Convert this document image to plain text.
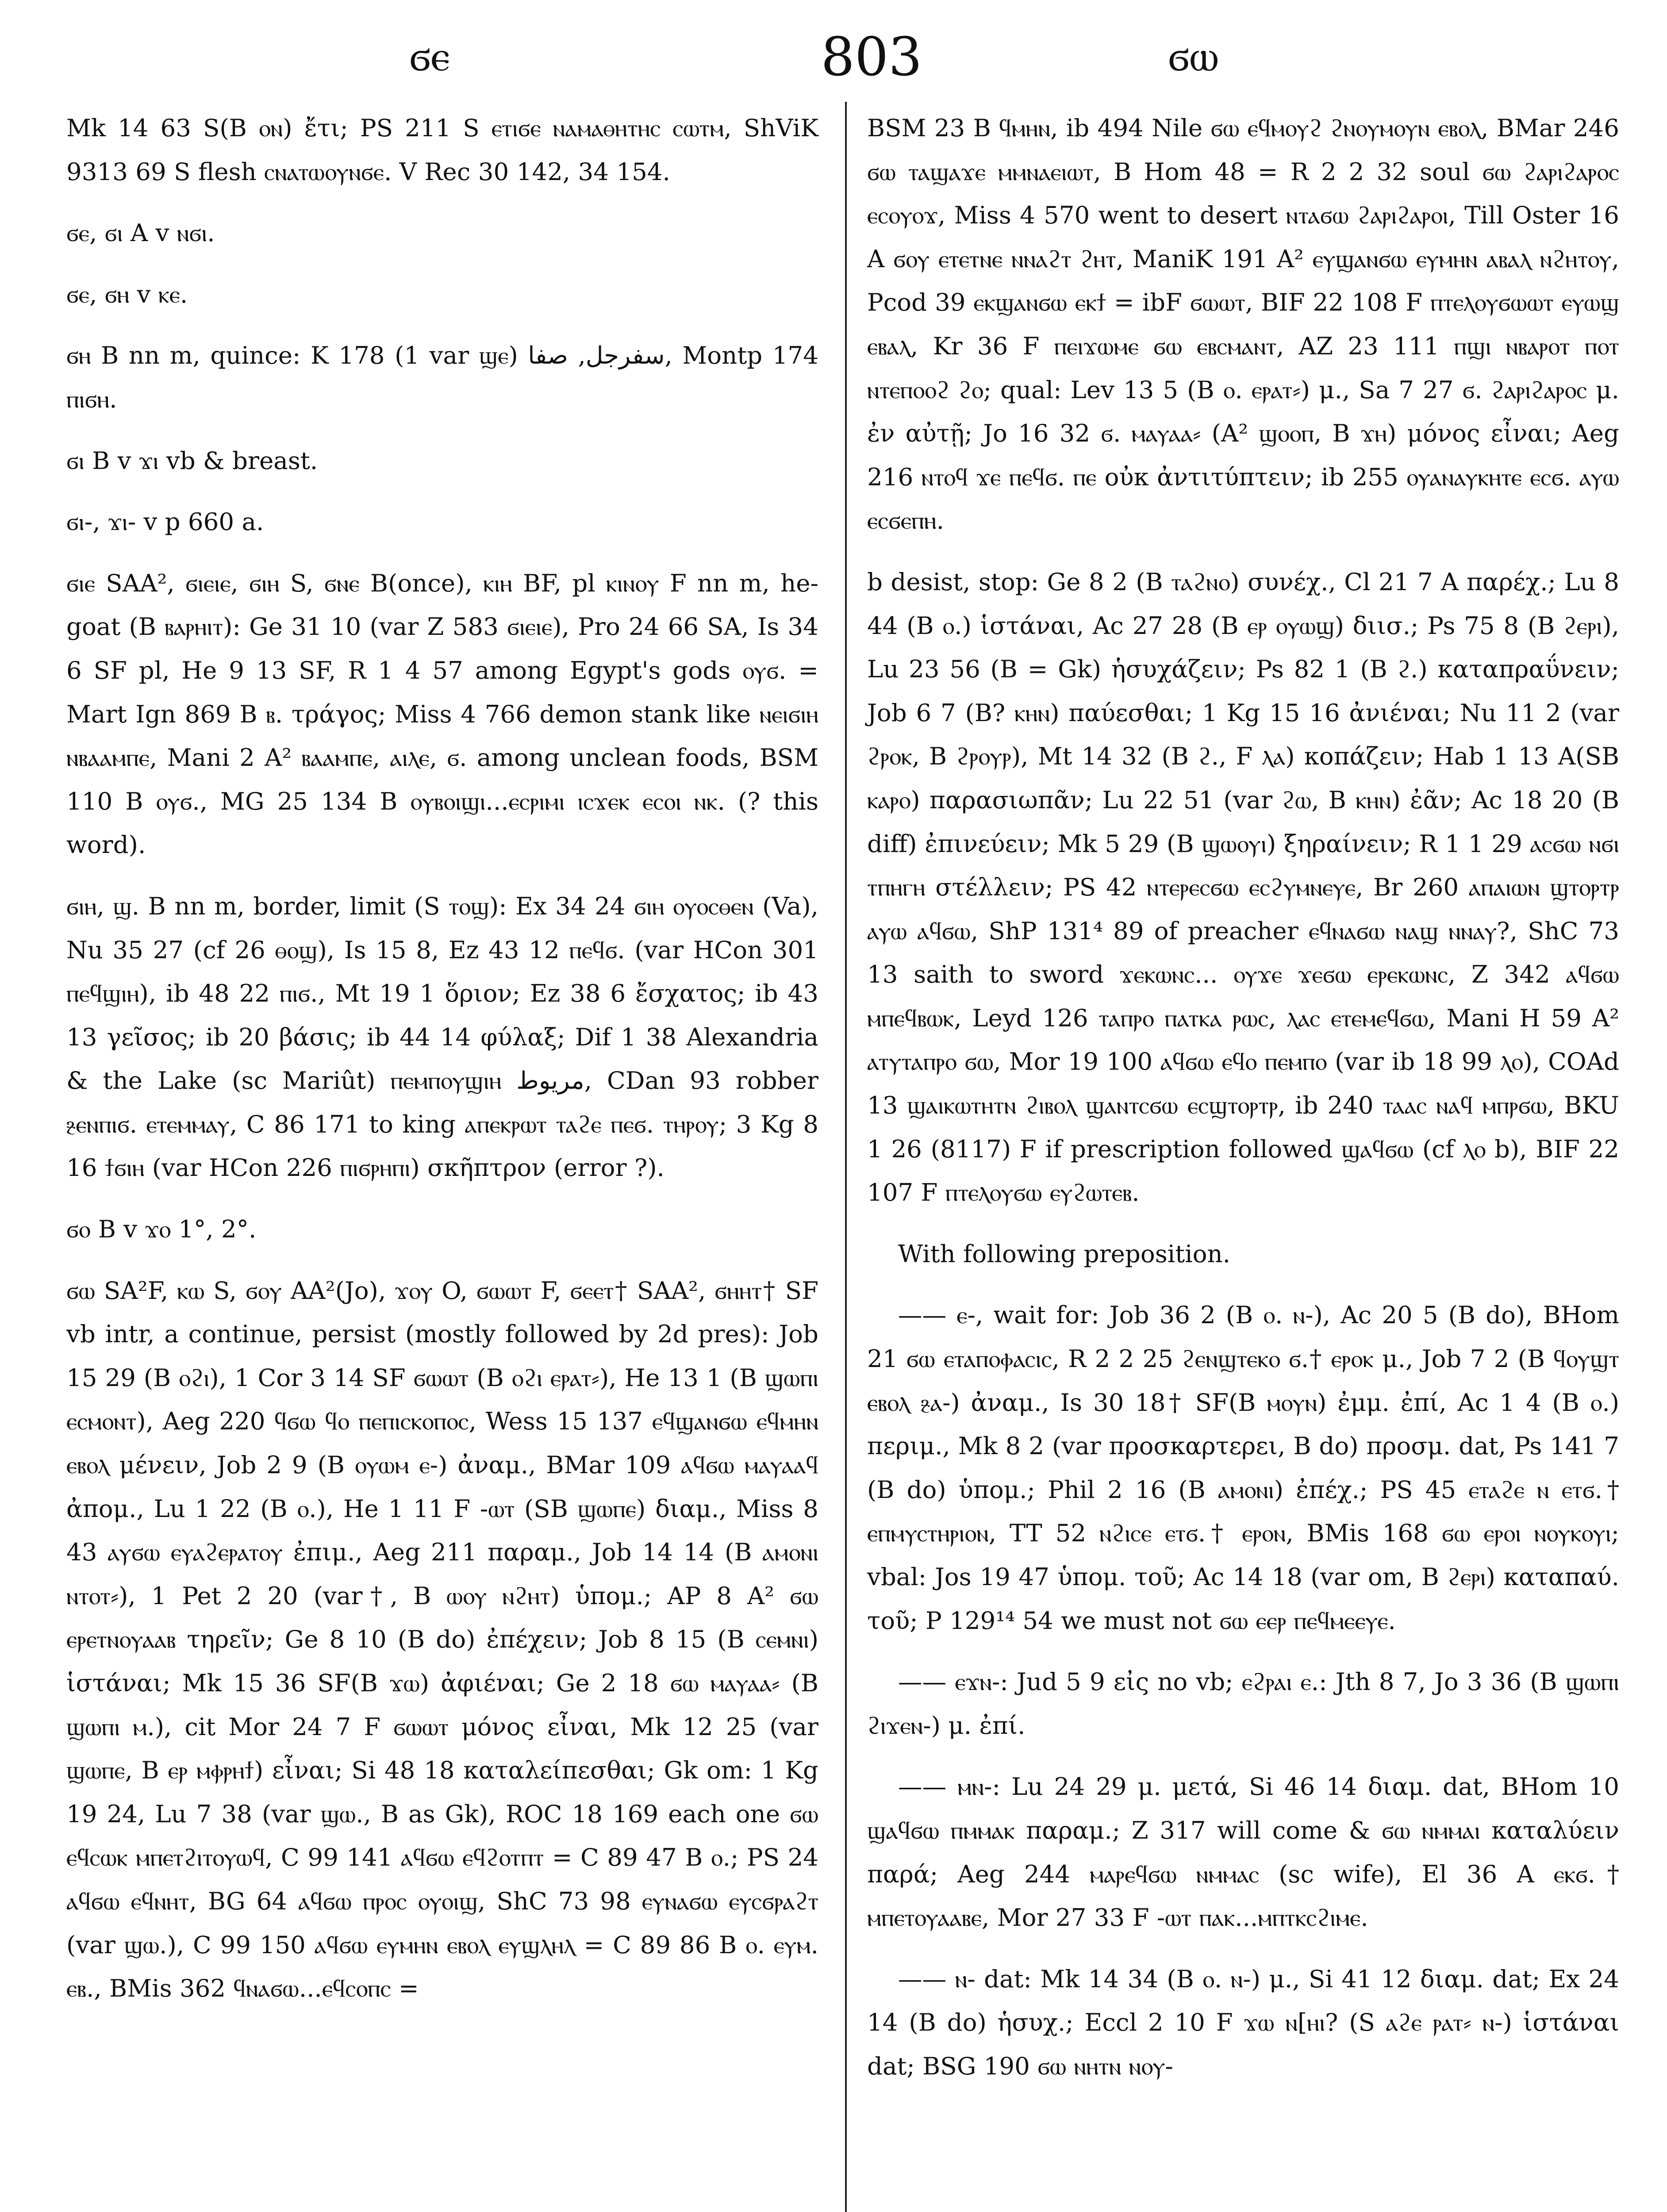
ϭⲉ	803	ϭⲱ

Mk 14 63 S(B ⲟⲛ) ἔτι; PS 211 S ⲉⲧⲓϭⲉ ⲛⲁⲙⲁⲑⲏⲧⲏⲥ ⲥⲱⲧⲙ, ShViK 9313 69 S flesh ⲥⲛⲁⲧⲱⲟⲩⲛϭⲉ. V Rec 30 142, 34 154.

ϭⲉ, ϭⲓ A v ⲛϭⲓ.

ϭⲉ, ϭⲏ v ⲕⲉ.

ϭⲏ B nn m, quince: K 178 (1 var ϣⲉ) سفرجل, صفا, Montp 174 ⲡⲓϭⲏ.

ϭⲓ B v ϫⲓ vb & breast.

ϭⲓ-, ϫⲓ- v p 660 a.

ϭⲓⲉ SAA², ϭⲓⲉⲓⲉ, ϭⲓⲏ S, ϭⲛⲉ B(once), ⲕⲓⲏ BF, pl ⲕⲓⲛⲟⲩ F nn m, he-goat (B ⲃⲁⲣⲏⲓⲧ): Ge 31 10 (var Z 583 ϭⲓⲉⲓⲉ), Pro 24 66 SA, Is 34 6 SF pl, He 9 13 SF, R 1 4 57 among Egypt's gods ⲟⲩϭ. = Mart Ign 869 B ⲃ. τράγος; Miss 4 766 demon stank like ⲛⲉⲓϭⲓⲏ ⲛⲃⲁⲁⲙⲡⲉ, Mani 2 A² ⲃⲁⲁⲙⲡⲉ, ⲁⲓⲗⲉ, ϭ. among unclean foods, BSM 110 B ⲟⲩϭ., MG 25 134 B ⲟⲩⲃⲟⲓϣⲓ...ⲉⲥⲣⲓⲙⲓ ⲓⲥϫⲉⲕ ⲉⲥⲟⲓ ⲛⲕ. (? this word).

ϭⲓⲏ, ϣ. B nn m, border, limit (S ⲧⲟϣ): Ex 34 24 ϭⲓⲏ ⲟⲩⲟⲥⲑⲉⲛ (Va), Nu 35 27 (cf 26 ⲑⲟϣ), Is 15 8, Ez 43 12 ⲡⲉϥϭ. (var HCon 301 ⲡⲉϥϣⲓⲏ), ib 48 22 ⲡⲓϭ., Mt 19 1 ὅριον; Ez 38 6 ἔσχατος; ib 43 13 γεῖσος; ib 20 βάσις; ib 44 14 φύλαξ; Dif 1 38 Alexandria & the Lake (sc Mariût) ⲡⲉⲙⲡⲟⲩϣⲓⲏ مريوط, CDan 93 robber ⳉⲉⲛⲡⲓϭ. ⲉⲧⲉⲙⲙⲁⲩ, C 86 171 to king ⲁⲡⲉⲕⲣⲱⲧ ⲧⲁϩⲉ ⲡⲉϭ. ⲧⲏⲣⲟⲩ; 3 Kg 8 16 ϯϭⲓⲏ (var HCon 226 ⲡⲓϭⲣⲏⲡⲓ) σκῆπτρον (error ?).

ϭⲟ B v ϫⲟ 1°, 2°.

ϭⲱ SA²F, ⲕⲱ S, ϭⲟⲩ AA²(Jo), ϫⲟⲩ O, ϭⲱⲱⲧ F, ϭⲉⲉⲧ† SAA², ϭⲏⲏⲧ† SF vb intr, a continue, persist (mostly followed by 2d pres): Job 15 29 (B ⲟϩⲓ), 1 Cor 3 14 SF ϭⲱⲱⲧ (B ⲟϩⲓ ⲉⲣⲁⲧ⸗), He 13 1 (B ϣⲱⲡⲓ ⲉⲥⲙⲟⲛⲧ), Aeg 220 ϥϭⲱ ϥⲟ ⲡⲉⲡⲓⲥⲕⲟⲡⲟⲥ, Wess 15 137 ⲉϥϣⲁⲛϭⲱ ⲉϥⲙⲏⲛ ⲉⲃⲟⲗ μένειν, Job 2 9 (B ⲟⲩⲱⲙ ⲉ-) ἀναμ., BMar 109 ⲁϥϭⲱ ⲙⲁⲩⲁⲁϥ ἀπομ., Lu 1 22 (B ⲟ.), He 1 11 F -ⲱⲧ (SB ϣⲱⲡⲉ) διαμ., Miss 8 43 ⲁⲩϭⲱ ⲉⲩⲁϩⲉⲣⲁⲧⲟⲩ ἐπιμ., Aeg 211 παραμ., Job 14 14 (B ⲁⲙⲟⲛⲓ ⲛⲧⲟⲧ⸗), 1 Pet 2 20 (var†, B ⲱⲟⲩ ⲛϩⲏⲧ) ὑπομ.; AP 8 A² ϭⲱ ⲉⲣⲉⲧⲛⲟⲩⲁⲁⲃ τηρεῖν; Ge 8 10 (B do) ἐπέχειν; Job 8 15 (B ⲥⲉⲙⲛⲓ) ἱστάναι; Mk 15 36 SF(B ϫⲱ) ἀφιέναι; Ge 2 18 ϭⲱ ⲙⲁⲩⲁⲁ⸗ (B ϣⲱⲡⲓ ⲙ.), cit Mor 24 7 F ϭⲱⲱⲧ μόνος εἶναι, Mk 12 25 (var ϣⲱⲡⲉ, B ⲉⲣ ⲙⲫⲣⲏϯ) εἶναι; Si 48 18 καταλείπεσθαι; Gk om: 1 Kg 19 24, Lu 7 38 (var ϣⲱ., B as Gk), ROC 18 169 each one ϭⲱ ⲉϥⲥⲱⲕ ⲙⲡⲉⲧϩⲓⲧⲟⲩⲱϥ, C 99 141 ⲁϥϭⲱ ⲉϥϩⲟⲧⲡⲧ = C 89 47 B ⲟ.; PS 24 ⲁϥϭⲱ ⲉϥⲛⲏⲧ, BG 64 ⲁϥϭⲱ ⲡⲣⲟⲥ ⲟⲩⲟⲓϣ, ShC 73 98 ⲉⲩⲛⲁϭⲱ ⲉⲩⲥϭⲣⲁϩⲧ (var ϣⲱ.), C 99 150 ⲁϥϭⲱ ⲉⲩⲙⲏⲛ ⲉⲃⲟⲗ ⲉⲩϣⲗⲏⲗ = C 89 86 B ⲟ. ⲉⲩⲙ. ⲉⲃ., BMis 362 ϥⲛⲁϭⲱ...ⲉϥⲥⲟⲡⲥ =

BSM 23 B ϥⲙⲏⲛ, ib 494 Nile ϭⲱ ⲉϥⲙⲟⲩϩ ϩⲛⲟⲩⲙⲟⲩⲛ ⲉⲃⲟⲗ, BMar 246 ϭⲱ ⲧⲁϣⲁϫⲉ ⲙⲙⲛⲁⲉⲓⲱⲧ, B Hom 48 = R 2 2 32 soul ϭⲱ ϩⲁⲣⲓϩⲁⲣⲟⲥ ⲉⲥⲟⲩⲟϫ, Miss 4 570 went to desert ⲛⲧⲁϭⲱ ϩⲁⲣⲓϩⲁⲣⲟⲓ, Till Oster 16 A ϭⲟⲩ ⲉⲧⲉⲧⲛⲉ ⲛⲛⲁϩⲧ ϩⲏⲧ, ManiK 191 A² ⲉⲩϣⲁⲛϭⲱ ⲉⲩⲙⲏⲛ ⲁⲃⲁⲗ ⲛϩⲏⲧⲟⲩ, Pcod 39 ⲉⲕϣⲁⲛϭⲱ ⲉⲕϯ = ibF ϭⲱⲱⲧ, BIF 22 108 F ⲡⲧⲉⲗⲟⲩϭⲱⲱⲧ ⲉⲩⲱϣ ⲉⲃⲁⲗ, Kr 36 F ⲡⲉⲓϫⲱⲙⲉ ϭⲱ ⲉⲃⲥⲙⲁⲛⲧ, AZ 23 111 ⲡϣⲓ ⲛⲃⲁⲣⲟⲧ ⲡⲟⲧ ⲛⲧⲉⲡⲟⲟϩ ϩⲟ; qual: Lev 13 5 (B ⲟ. ⲉⲣⲁⲧ⸗) μ., Sa 7 27 ϭ. ϩⲁⲣⲓϩⲁⲣⲟⲥ μ. ἐν αὐτῇ; Jo 16 32 ϭ. ⲙⲁⲩⲁⲁ⸗ (A² ϣⲟⲟⲡ, B ϫⲏ) μόνος εἶναι; Aeg 216 ⲛⲧⲟϥ ϫⲉ ⲡⲉϥϭ. ⲡⲉ οὐκ ἀντιτύπτειν; ib 255 ⲟⲩⲁⲛⲁⲩⲕⲏⲧⲉ ⲉⲥϭ. ⲁⲩⲱ ⲉⲥϭⲉⲡⲏ.

b desist, stop: Ge 8 2 (B ⲧⲁϩⲛⲟ) συνέχ., Cl 21 7 A παρέχ.; Lu 8 44 (B ⲟ.) ἱστάναι, Ac 27 28 (B ⲉⲣ ⲟⲩⲱϣ) διισ.; Ps 75 8 (B ϩⲉⲣⲓ), Lu 23 56 (B = Gk) ἡσυχάζειν; Ps 82 1 (B ϩ.) καταπραΰνειν; Job 6 7 (B? ⲕⲏⲛ) παύεσθαι; 1 Kg 15 16 ἀνιέναι; Nu 11 2 (var ϩⲣⲟⲕ, B ϩⲣⲟⲩⲣ), Mt 14 32 (B ϩ., F ⲗⲁ) κοπάζειν; Hab 1 13 A(SB ⲕⲁⲣⲟ) παρασιωπᾶν; Lu 22 51 (var ϩⲱ, B ⲕⲏⲛ) ἐᾶν; Ac 18 20 (B diff) ἐπινεύειν; Mk 5 29 (B ϣⲱⲟⲩⲓ) ξηραίνειν; R 1 1 29 ⲁⲥϭⲱ ⲛϭⲓ ⲧⲡⲏⲅⲏ στέλλειν; PS 42 ⲛⲧⲉⲣⲉⲥϭⲱ ⲉⲥϩⲩⲙⲛⲉⲩⲉ, Br 260 ⲁⲡⲁⲓⲱⲛ ϣⲧⲟⲣⲧⲣ ⲁⲩⲱ ⲁϥϭⲱ, ShP 131⁴ 89 of preacher ⲉϥⲛⲁϭⲱ ⲛⲁϣ ⲛⲛⲁⲩ?, ShC 73 13 saith to sword ϫⲉⲕⲱⲛⲥ... ⲟⲩϫⲉ ϫⲉϭⲱ ⲉⲣⲉⲕⲱⲛⲥ, Z 342 ⲁϥϭⲱ ⲙⲡⲉϥⲃⲱⲕ, Leyd 126 ⲧⲁⲡⲣⲟ ⲡⲁⲧⲕⲁ ⲣⲱⲥ, ⲗⲁⲥ ⲉⲧⲉⲙⲉϥϭⲱ, Mani H 59 A² ⲁⲧⲩⲧⲁⲡⲣⲟ ϭⲱ, Mor 19 100 ⲁϥϭⲱ ⲉϥⲟ ⲡⲉⲙⲡⲟ (var ib 18 99 ⲗⲟ), COAd 13 ϣⲁⲓⲕⲱⲧⲏⲧⲛ ϩⲓⲃⲟⲗ ϣⲁⲛⲧⲥϭⲱ ⲉⲥϣⲧⲟⲣⲧⲣ, ib 240 ⲧⲁⲁⲥ ⲛⲁϥ ⲙⲡⲣϭⲱ, BKU 1 26 (8117) F if prescription followed ϣⲁϥϭⲱ (cf ⲗⲟ b), BIF 22 107 F ⲡⲧⲉⲗⲟⲩϭⲱ ⲉⲩϩⲱⲧⲉⲃ.

With following preposition.

—— ⲉ-, wait for: Job 36 2 (B ⲟ. ⲛ-), Ac 20 5 (B do), BHom 21 ϭⲱ ⲉⲧⲁⲡⲟⲫⲁⲥⲓⲥ, R 2 2 25 ϩⲉⲛϣⲧⲉⲕⲟ ϭ.† ⲉⲣⲟⲕ μ., Job 7 2 (B ϥⲟⲩϣⲧ ⲉⲃⲟⲗ ⳉⲁ-) ἀναμ., Is 30 18† SF(B ⲙⲟⲩⲛ) ἐμμ. ἐπί, Ac 1 4 (B ⲟ.) περιμ., Mk 8 2 (var προσκαρτερει, B do) προσμ. dat, Ps 141 7 (B do) ὑπομ.; Phil 2 16 (B ⲁⲙⲟⲛⲓ) ἐπέχ.; PS 45 ⲉⲧⲁϩⲉ ⲛ ⲉⲧϭ.† ⲉⲡⲙⲩⲥⲧⲏⲣⲓⲟⲛ, TT 52 ⲛϩⲓⲥⲉ ⲉⲧϭ.† ⲉⲣⲟⲛ, BMis 168 ϭⲱ ⲉⲣⲟⲓ ⲛⲟⲩⲕⲟⲩⲓ; vbal: Jos 19 47 ὑπομ. τοῦ; Ac 14 18 (var om, B ϩⲉⲣⲓ) καταπαύ. τοῦ; P 129¹⁴ 54 we must not ϭⲱ ⲉⲉⲣ ⲡⲉϥⲙⲉⲉⲩⲉ.

—— ⲉϫⲛ-: Jud 5 9 εἰς no vb; ⲉϩⲣⲁⲓ ⲉ.: Jth 8 7, Jo 3 36 (B ϣⲱⲡⲓ ϩⲓϫⲉⲛ-) μ. ἐπί.

—— ⲙⲛ-: Lu 24 29 μ. μετά, Si 46 14 διαμ. dat, BHom 10 ϣⲁϥϭⲱ ⲡⲙⲙⲁⲕ παραμ.; Z 317 will come & ϭⲱ ⲛⲙⲙⲁⲓ καταλύειν παρά; Aeg 244 ⲙⲁⲣⲉϥϭⲱ ⲛⲙⲙⲁⲥ (sc wife), El 36 A ⲉⲕϭ.† ⲙⲡⲉⲧⲟⲩⲁⲁⲃⲉ, Mor 27 33 F -ⲱⲧ ⲡⲁⲕ...ⲙⲡⲧⲕⲥϩⲓⲙⲉ.

—— ⲛ- dat: Mk 14 34 (B ⲟ. ⲛ-) μ., Si 41 12 διαμ. dat; Ex 24 14 (B do) ἡσυχ.; Eccl 2 10 F ϫⲱ ⲛ[ⲏⲓ? (S ⲁϩⲉ ⲣⲁⲧ⸗ ⲛ-) ἱστάναι dat; BSG 190 ϭⲱ ⲛⲏⲧⲛ ⲛⲟⲩ-
